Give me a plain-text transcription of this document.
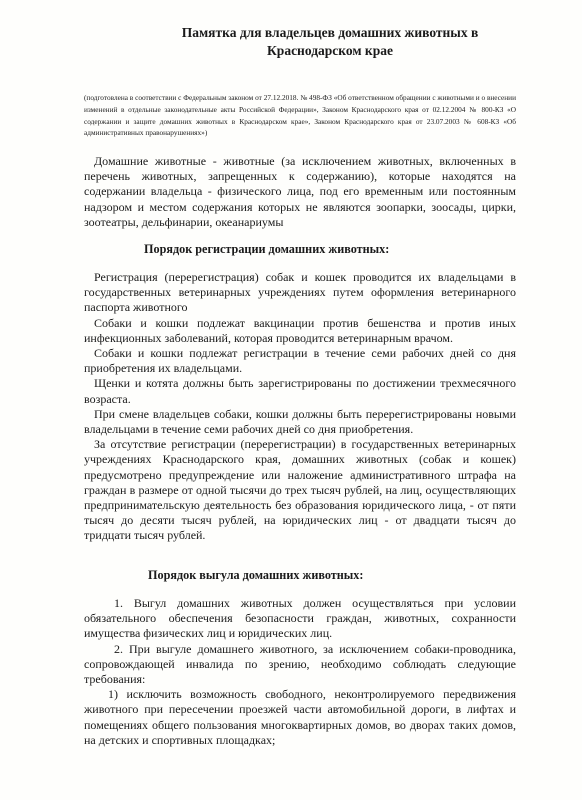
Памятка для владельцев домашних животных в
Краснодарском крае
(подготовлена в соответствии с Федеральным законом от 27.12.2018. № 498-ФЗ «Об ответственном обращении с животными и о внесении изменений в отдельные законодательные акты Российской Федерации», Законом Краснодарского края от 02.12.2004 № 800-КЗ «О содержании и защите домашних животных в Краснодарском крае», Законом Краснодарского края от 23.07.2003 № 608-КЗ «Об административных правонарушениях»)

Домашние животные - животные (за исключением животных, включенных в перечень животных, запрещенных к содержанию), которые находятся на содержании владельца - физического лица, под его временным или постоянным надзором и местом содержания которых не являются зоопарки, зоосады, цирки, зоотеатры, дельфинарии, океанариумы

Порядок регистрации домашних животных:

Регистрация (перерегистрация) собак и кошек проводится их владельцами в государственных ветеринарных учреждениях путем оформления ветеринарного паспорта животного

Собаки и кошки подлежат вакцинации против бешенства и против иных инфекционных заболеваний, которая проводится ветеринарным врачом.

Собаки и кошки подлежат регистрации в течение семи рабочих дней со дня приобретения их владельцами.

Щенки и котята должны быть зарегистрированы по достижении трехмесячного возраста.

При смене владельцев собаки, кошки должны быть перерегистрированы новыми владельцами в течение семи рабочих дней со дня приобретения.

За отсутствие регистрации (перерегистрации) в государственных ветеринарных учреждениях Краснодарского края, домашних животных (собак и кошек) предусмотрено предупреждение или наложение административного штрафа на граждан в размере от одной тысячи до трех тысяч рублей, на лиц, осуществляющих предпринимательскую деятельность без образования юридического лица, - от пяти тысяч до десяти тысяч рублей, на юридических лиц - от двадцати тысяч до тридцати тысяч рублей.

Порядок выгула домашних животных:

1. Выгул домашних животных должен осуществляться при условии обязательного обеспечения безопасности граждан, животных, сохранности имущества физических лиц и юридических лиц.

2. При выгуле домашнего животного, за исключением собаки-проводника, сопровождающей инвалида по зрению, необходимо соблюдать следующие требования:

1) исключить возможность свободного, неконтролируемого передвижения животного при пересечении проезжей части автомобильной дороги, в лифтах и помещениях общего пользования многоквартирных домов, во дворах таких домов, на детских и спортивных площадках;
